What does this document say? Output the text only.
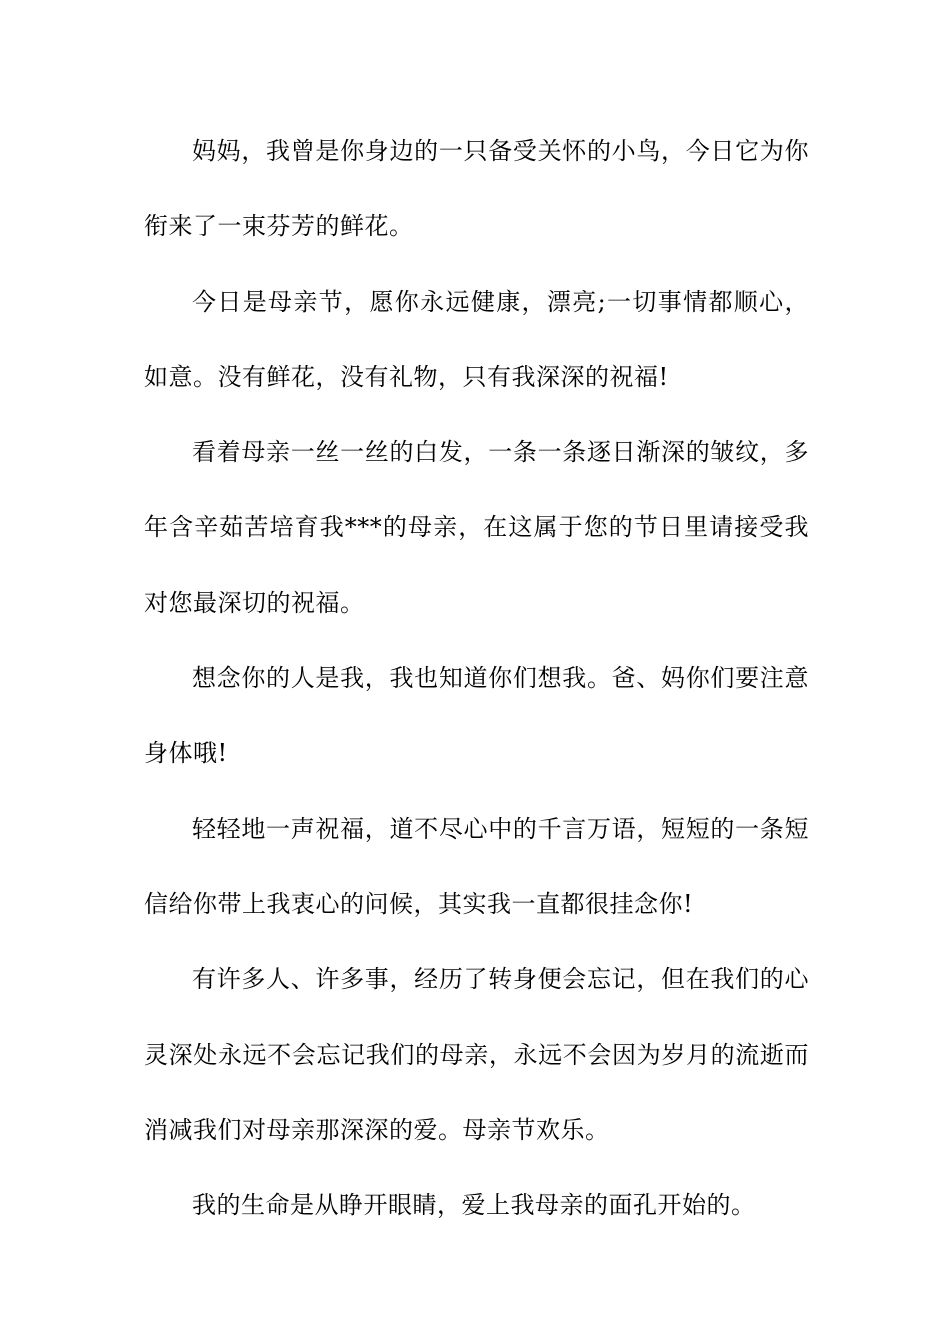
妈妈，我曾是你身边的一只备受关怀的小鸟，今日它为你衔来了一束芬芳的鲜花。

今日是母亲节，愿你永远健康，漂亮;一切事情都顺心，如意。没有鲜花，没有礼物，只有我深深的祝福!

看着母亲一丝一丝的白发，一条一条逐日渐深的皱纹，多年含辛茹苦培育我***的母亲，在这属于您的节日里请接受我对您最深切的祝福。

想念你的人是我，我也知道你们想我。爸、妈你们要注意身体哦!

轻轻地一声祝福，道不尽心中的千言万语，短短的一条短信给你带上我衷心的问候，其实我一直都很挂念你!

有许多人、许多事，经历了转身便会忘记，但在我们的心灵深处永远不会忘记我们的母亲，永远不会因为岁月的流逝而消减我们对母亲那深深的爱。母亲节欢乐。

我的生命是从睁开眼睛，爱上我母亲的面孔开始的。
